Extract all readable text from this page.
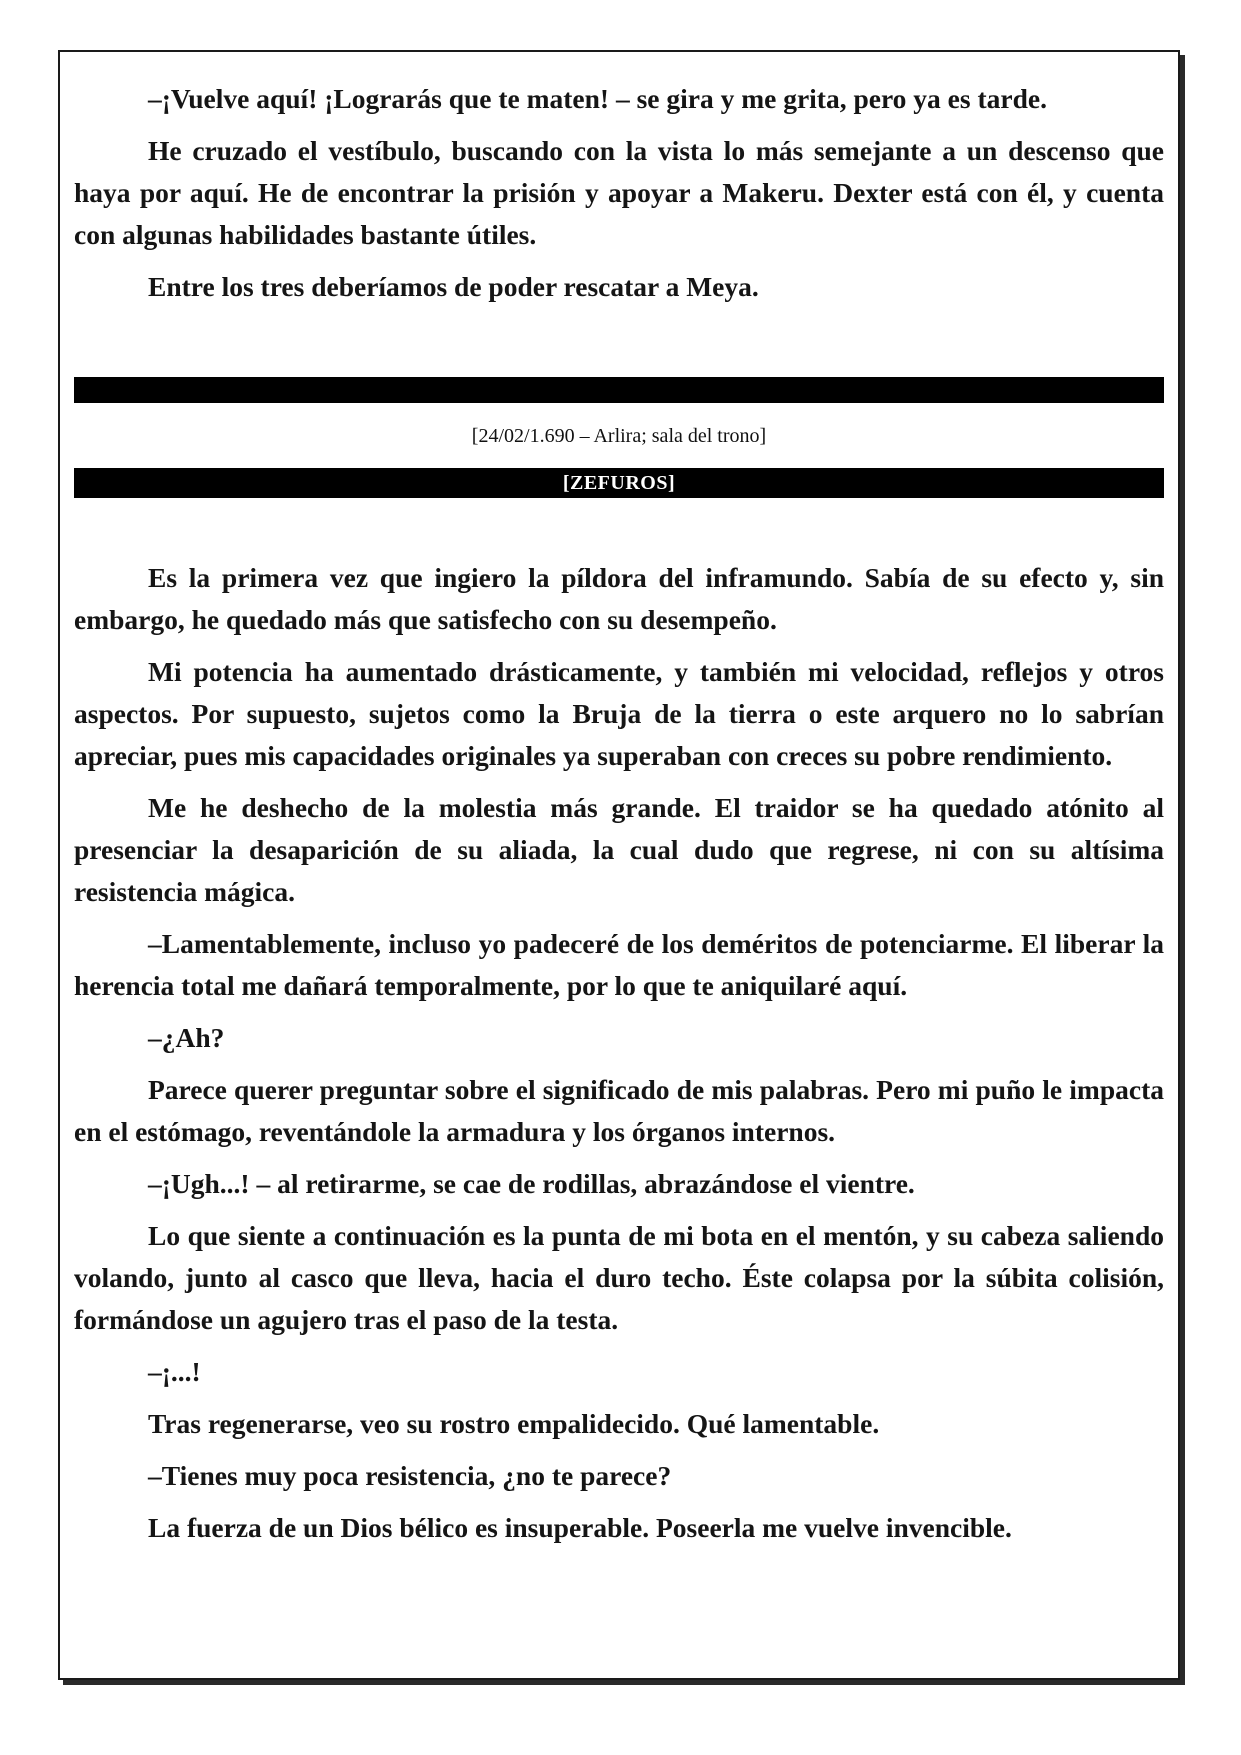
–¡Vuelve aquí! ¡Lograrás que te maten! – se gira y me grita, pero ya es tarde.

He cruzado el vestíbulo, buscando con la vista lo más semejante a un descenso que haya por aquí. He de encontrar la prisión y apoyar a Makeru. Dexter está con él, y cuenta con algunas habilidades bastante útiles.

Entre los tres deberíamos de poder rescatar a Meya.

[24/02/1.690 – Arlira; sala del trono]
[ZEFUROS]

Es la primera vez que ingiero la píldora del inframundo. Sabía de su efecto y, sin embargo, he quedado más que satisfecho con su desempeño.

Mi potencia ha aumentado drásticamente, y también mi velocidad, reflejos y otros aspectos. Por supuesto, sujetos como la Bruja de la tierra o este arquero no lo sabrían apreciar, pues mis capacidades originales ya superaban con creces su pobre rendimiento.

Me he deshecho de la molestia más grande. El traidor se ha quedado atónito al presenciar la desaparición de su aliada, la cual dudo que regrese, ni con su altísima resistencia mágica.

–Lamentablemente, incluso yo padeceré de los deméritos de potenciarme. El liberar la herencia total me dañará temporalmente, por lo que te aniquilaré aquí.

–¿Ah?

Parece querer preguntar sobre el significado de mis palabras. Pero mi puño le impacta en el estómago, reventándole la armadura y los órganos internos.

–¡Ugh...! – al retirarme, se cae de rodillas, abrazándose el vientre.

Lo que siente a continuación es la punta de mi bota en el mentón, y su cabeza saliendo volando, junto al casco que lleva, hacia el duro techo. Éste colapsa por la súbita colisión, formándose un agujero tras el paso de la testa.

–¡...!

Tras regenerarse, veo su rostro empalidecido. Qué lamentable.

–Tienes muy poca resistencia, ¿no te parece?

La fuerza de un Dios bélico es insuperable. Poseerla me vuelve invencible.
